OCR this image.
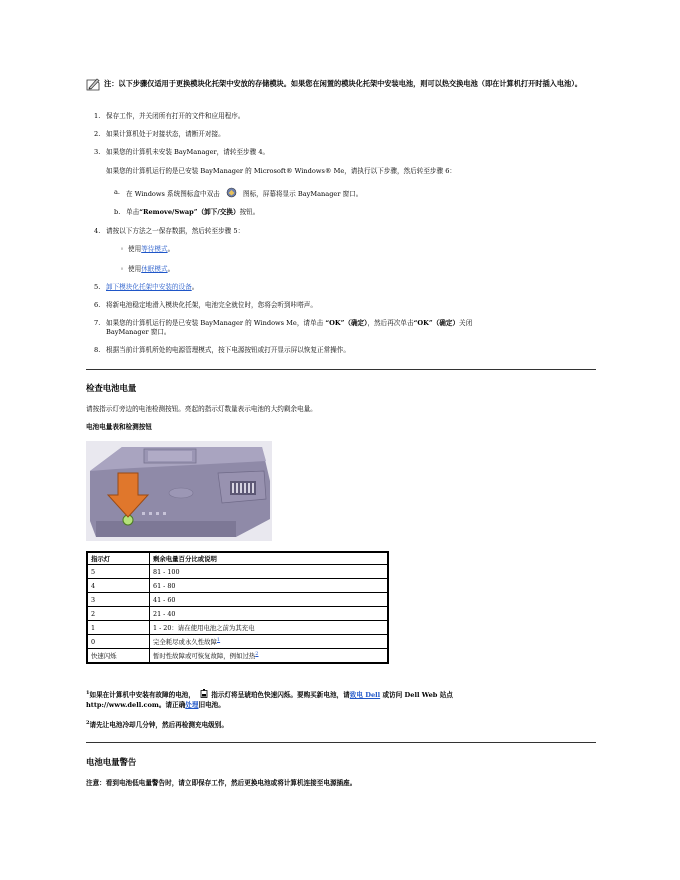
注：以下步骤仅适用于更换模块化托架中安放的存储模块。如果您在闲置的模块化托架中安装电池，则可以热交换电池（即在计算机打开时插入电池）。
1. 保存工作，并关闭所有打开的文件和应用程序。
2. 如果计算机处于对接状态，请断开对接。
3. 如果您的计算机未安装 BayManager，请转至步骤 4。
如果您的计算机运行的是已安装 BayManager 的 Microsoft® Windows® Me，请执行以下步骤，然后转至步骤 6：
a. 在 Windows 系统图标盒中双击	图标，屏幕将显示 BayManager 窗口。
b. 单击“Remove/Swap”（卸下/交换）按钮。
4. 请按以下方法之一保存数据，然后转至步骤 5：
◦ 使用等待模式。
◦ 使用休眠模式。
5. 卸下模块化托架中安装的设备。
6. 将新电池稳定地滑入模块化托架，电池完全就位时，您将会听到咔嗒声。
7. 如果您的计算机运行的是已安装 BayManager 的 Windows Me，请单击 “OK”（确定），然后再次单击“OK”（确定）关闭
BayManager 窗口。
8. 根据当前计算机所处的电源管理模式，按下电源按钮或打开显示屏以恢复正常操作。
检查电池电量
请按指示灯旁边的电池检测按钮。亮起的指示灯数量表示电池的大约剩余电量。
电池电量表和检测按钮
指示灯	剩余电量百分比或说明
5	81 - 100
4	61 - 80
3	41 - 60
2	21 - 40
1	1 - 20：请在使用电池之前为其充电
0	完全耗尽或永久性故障$^1$
快速闪烁	暂时性故障或可恢复故障，例如过热$^2$
$^1$如果在计算机中安装有故障的电池， 指示灯将呈琥珀色快速闪烁。要购买新电池，请致电 Dell 或访问 Dell Web 站点
http://www.dell.com。请正确处理旧电池。
$^2$请先让电池冷却几分钟，然后再检测充电级别。
电池电量警告
注意：看到电池低电量警告时，请立即保存工作，然后更换电池或将计算机连接至电源插座。
